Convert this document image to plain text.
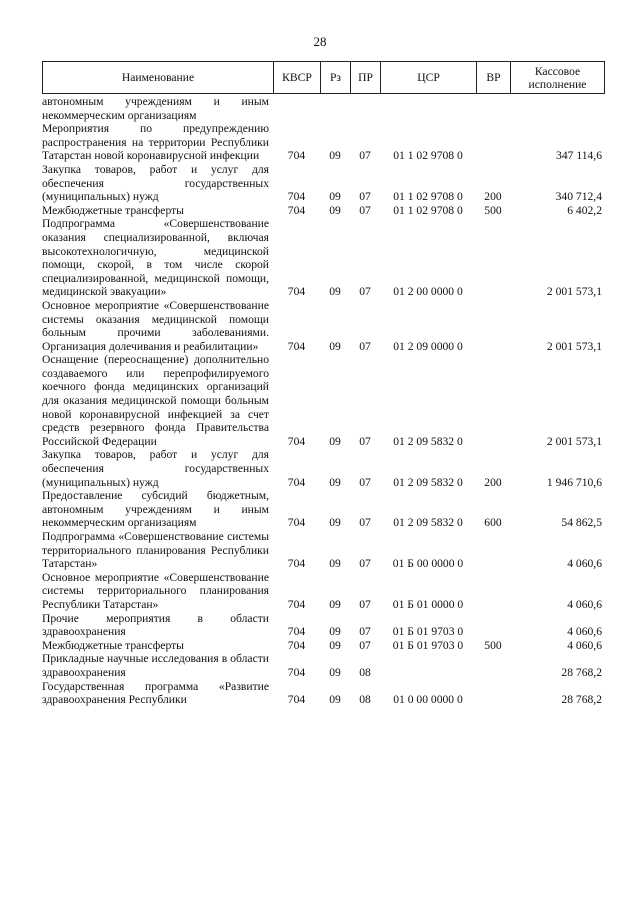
28
Наименование	КВСР	Рз	ПР	ЦСР	ВР	Кассовое исполнение
автономным учреждениям и иным некоммерческим организациям						

Мероприятия по предупреждению распространения на территории Республики Татарстан новой коронавирусной инфекции	704	09	07	01 1 02 9708 0		347 114,6

Закупка товаров, работ и услуг для обеспечения государственных (муниципальных) нужд	704	09	07	01 1 02 9708 0	200	340 712,4

Межбюджетные трансферты	704	09	07	01 1 02 9708 0	500	6 402,2

Подпрограмма «Совершенствование оказания специализированной, включая высокотехнологичную, медицинской помощи, скорой, в том числе скорой специализированной, медицинской помощи, медицинской эвакуации»	704	09	07	01 2 00 0000 0		2 001 573,1

Основное мероприятие «Совершенствование системы оказания медицинской помощи больным прочими заболеваниями. Организация долечивания и реабилитации»	704	09	07	01 2 09 0000 0		2 001 573,1

Оснащение (переоснащение) дополнительно создаваемого или перепрофилируемого коечного фонда медицинских организаций для оказания медицинской помощи больным новой коронавирусной инфекцией за счет средств резервного фонда Правительства Российской Федерации	704	09	07	01 2 09 5832 0		2 001 573,1

Закупка товаров, работ и услуг для обеспечения государственных (муниципальных) нужд	704	09	07	01 2 09 5832 0	200	1 946 710,6

Предоставление субсидий бюджетным, автономным учреждениям и иным некоммерческим организациям	704	09	07	01 2 09 5832 0	600	54 862,5

Подпрограмма «Совершенствование системы территориального планирования Республики Татарстан»	704	09	07	01 Б 00 0000 0		4 060,6

Основное мероприятие «Совершенствование системы территориального планирования Республики Татарстан»	704	09	07	01 Б 01 0000 0		4 060,6

Прочие мероприятия в области здравоохранения	704	09	07	01 Б 01 9703 0		4 060,6

Межбюджетные трансферты	704	09	07	01 Б 01 9703 0	500	4 060,6

Прикладные научные исследования в области здравоохранения	704	09	08			28 768,2

Государственная программа «Развитие здравоохранения Республики	704	09	08	01 0 00 0000 0		28 768,2
